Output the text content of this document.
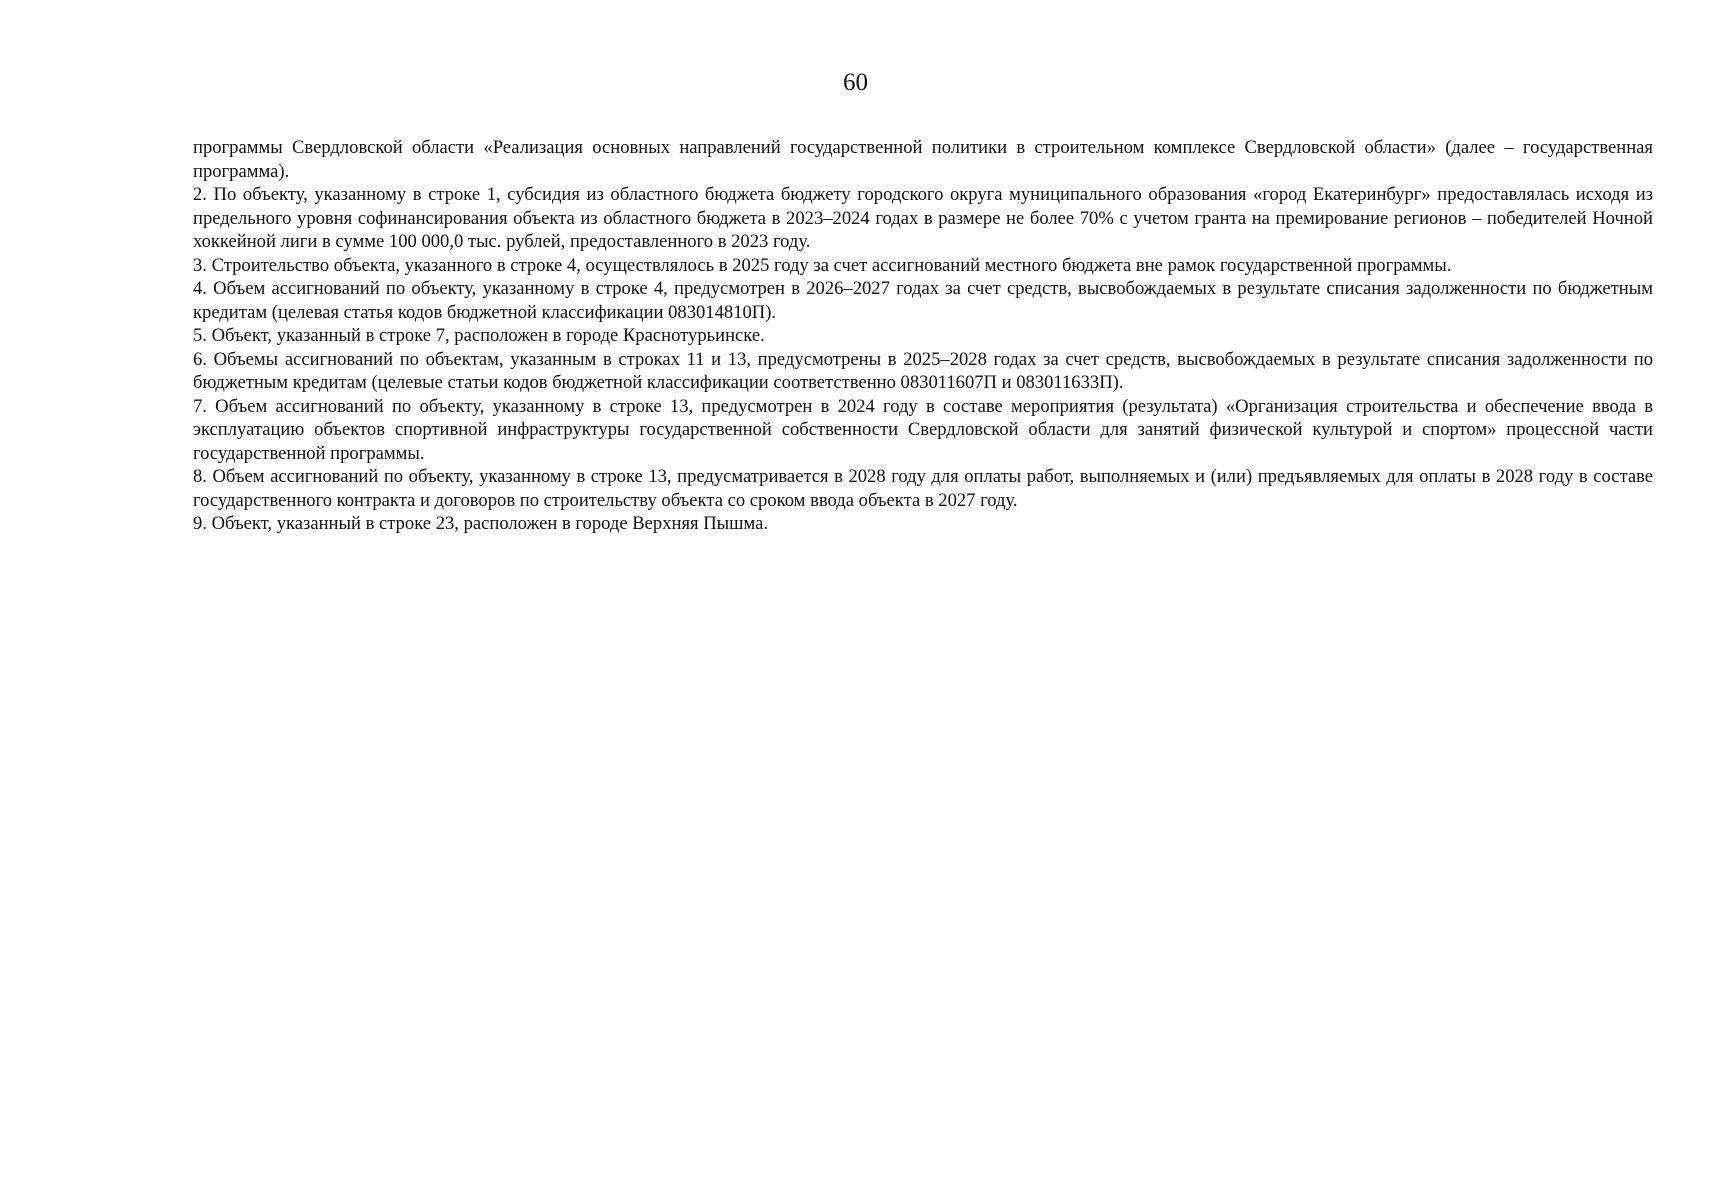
60

программы Свердловской области «Реализация основных направлений государственной политики в строительном комплексе Свердловской области» (далее – государственная программа).

2. По объекту, указанному в строке 1, субсидия из областного бюджета бюджету городского округа муниципального образования «город Екатеринбург» предоставлялась исходя из предельного уровня софинансирования объекта из областного бюджета в 2023–2024 годах в размере не более 70% с учетом гранта на премирование регионов – победителей Ночной хоккейной лиги в сумме 100 000,0 тыс. рублей, предоставленного в 2023 году.

3. Строительство объекта, указанного в строке 4, осуществлялось в 2025 году за счет ассигнований местного бюджета вне рамок государственной программы.

4. Объем ассигнований по объекту, указанному в строке 4, предусмотрен в 2026–2027 годах за счет средств, высвобождаемых в результате списания задолженности по бюджетным кредитам (целевая статья кодов бюджетной классификации 083014810П).

5. Объект, указанный в строке 7, расположен в городе Краснотурьинске.

6. Объемы ассигнований по объектам, указанным в строках 11 и 13, предусмотрены в 2025–2028 годах за счет средств, высвобождаемых в результате списания задолженности по бюджетным кредитам (целевые статьи кодов бюджетной классификации соответственно 083011607П и 083011633П).

7. Объем ассигнований по объекту, указанному в строке 13, предусмотрен в 2024 году в составе мероприятия (результата) «Организация строительства и обеспечение ввода в эксплуатацию объектов спортивной инфраструктуры государственной собственности Свердловской области для занятий физической культурой и спортом» процессной части государственной программы.

8. Объем ассигнований по объекту, указанному в строке 13, предусматривается в 2028 году для оплаты работ, выполняемых и (или) предъявляемых для оплаты в 2028 году в составе государственного контракта и договоров по строительству объекта со сроком ввода объекта в 2027 году.

9. Объект, указанный в строке 23, расположен в городе Верхняя Пышма.
